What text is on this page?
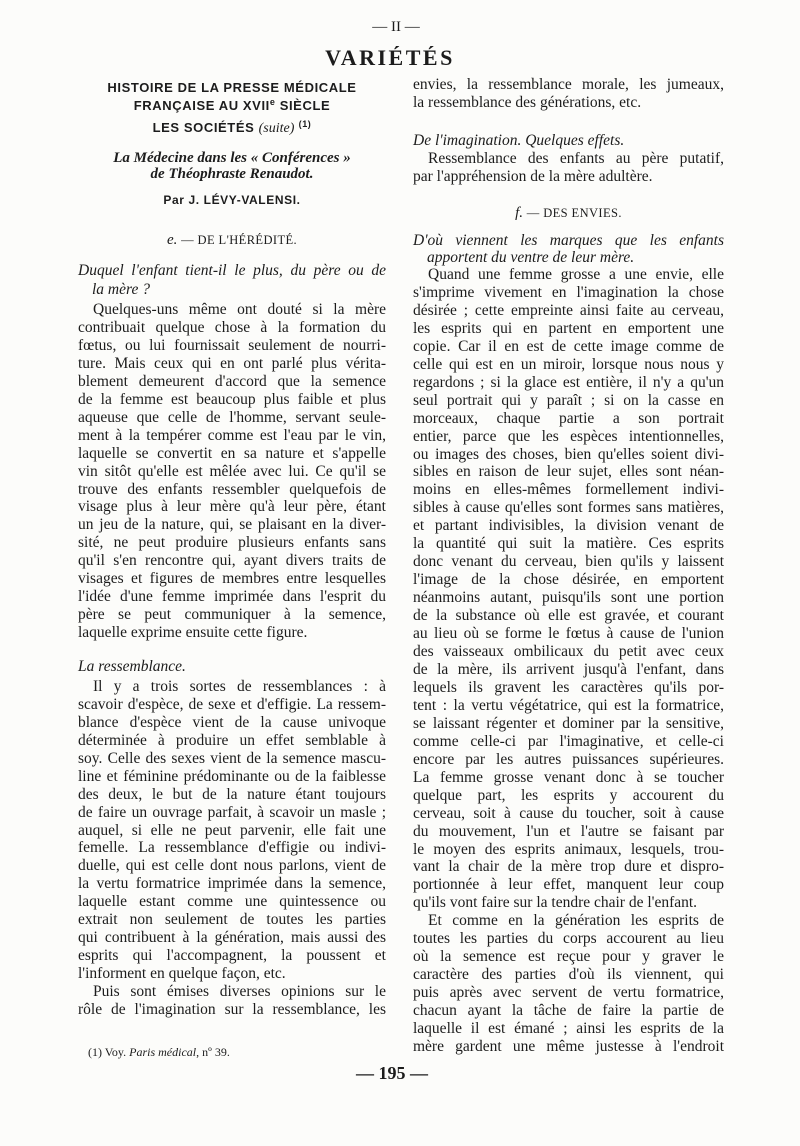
— II —
VARIÉTÉS
HISTOIRE DE LA PRESSE MÉDICALE
FRANÇAISE AU XVIIe SIÈCLE
LES SOCIÉTÉS (suite) $^{(1)}$
La Médecine dans les « Conférences »
de Théophraste Renaudot.
Par J. LÉVY-VALENSI.
e. — DE L'HÉRÉDITÉ.
Duquel l'enfant tient-il le plus, du père ou de
la mère ?
Quelques-uns même ont douté si la mère
contribuait quelque chose à la formation du
fœtus, ou lui fournissait seulement de nourri-
ture. Mais ceux qui en ont parlé plus vérita-
blement demeurent d'accord que la semence
de la femme est beaucoup plus faible et plus
aqueuse que celle de l'homme, servant seule-
ment à la tempérer comme est l'eau par le vin,
laquelle se convertit en sa nature et s'appelle
vin sitôt qu'elle est mêlée avec lui. Ce qu'il se
trouve des enfants ressembler quelquefois de
visage plus à leur mère qu'à leur père, étant
un jeu de la nature, qui, se plaisant en la diver-
sité, ne peut produire plusieurs enfants sans
qu'il s'en rencontre qui, ayant divers traits de
visages et figures de membres entre lesquelles
l'idée d'une femme imprimée dans l'esprit du
père se peut communiquer à la semence,
laquelle exprime ensuite cette figure.
La ressemblance.
Il y a trois sortes de ressemblances : à
scavoir d'espèce, de sexe et d'effigie. La ressem-
blance d'espèce vient de la cause univoque
déterminée à produire un effet semblable à
soy. Celle des sexes vient de la semence mascu-
line et féminine prédominante ou de la faiblesse
des deux, le but de la nature étant toujours
de faire un ouvrage parfait, à scavoir un masle ;
auquel, si elle ne peut parvenir, elle fait une
femelle. La ressemblance d'effigie ou indivi-
duelle, qui est celle dont nous parlons, vient de
la vertu formatrice imprimée dans la semence,
laquelle estant comme une quintessence ou
extrait non seulement de toutes les parties
qui contribuent à la génération, mais aussi des
esprits qui l'accompagnent, la poussent et
l'informent en quelque façon, etc.
Puis sont émises diverses opinions sur le
rôle de l'imagination sur la ressemblance, les
(1) Voy. Paris médical, nº 39.
envies, la ressemblance morale, les jumeaux,
la ressemblance des générations, etc.
De l'imagination. Quelques effets.
Ressemblance des enfants au père putatif,
par l'appréhension de la mère adultère.
f. — DES ENVIES.
D'où viennent les marques que les enfants
apportent du ventre de leur mère.
Quand une femme grosse a une envie, elle
s'imprime vivement en l'imagination la chose
désirée ; cette empreinte ainsi faite au cerveau,
les esprits qui en partent en emportent une
copie. Car il en est de cette image comme de
celle qui est en un miroir, lorsque nous nous y
regardons ; si la glace est entière, il n'y a qu'un
seul portrait qui y paraît ; si on la casse en
morceaux, chaque partie a son portrait
entier, parce que les espèces intentionnelles,
ou images des choses, bien qu'elles soient divi-
sibles en raison de leur sujet, elles sont néan-
moins en elles-mêmes formellement indivi-
sibles à cause qu'elles sont formes sans matières,
et partant indivisibles, la division venant de
la quantité qui suit la matière. Ces esprits
donc venant du cerveau, bien qu'ils y laissent
l'image de la chose désirée, en emportent
néanmoins autant, puisqu'ils sont une portion
de la substance où elle est gravée, et courant
au lieu où se forme le fœtus à cause de l'union
des vaisseaux ombilicaux du petit avec ceux
de la mère, ils arrivent jusqu'à l'enfant, dans
lequels ils gravent les caractères qu'ils por-
tent : la vertu végétatrice, qui est la formatrice,
se laissant régenter et dominer par la sensitive,
comme celle-ci par l'imaginative, et celle-ci
encore par les autres puissances supérieures.
La femme grosse venant donc à se toucher
quelque part, les esprits y accourent du
cerveau, soit à cause du toucher, soit à cause
du mouvement, l'un et l'autre se faisant par
le moyen des esprits animaux, lesquels, trou-
vant la chair de la mère trop dure et dispro-
portionnée à leur effet, manquent leur coup
qu'ils vont faire sur la tendre chair de l'enfant.
Et comme en la génération les esprits de
toutes les parties du corps accourent au lieu
où la semence est reçue pour y graver le
caractère des parties d'où ils viennent, qui
puis après avec servent de vertu formatrice,
chacun ayant la tâche de faire la partie de
laquelle il est émané ; ainsi les esprits de la
mère gardent une même justesse à l'endroit
— 195 —
